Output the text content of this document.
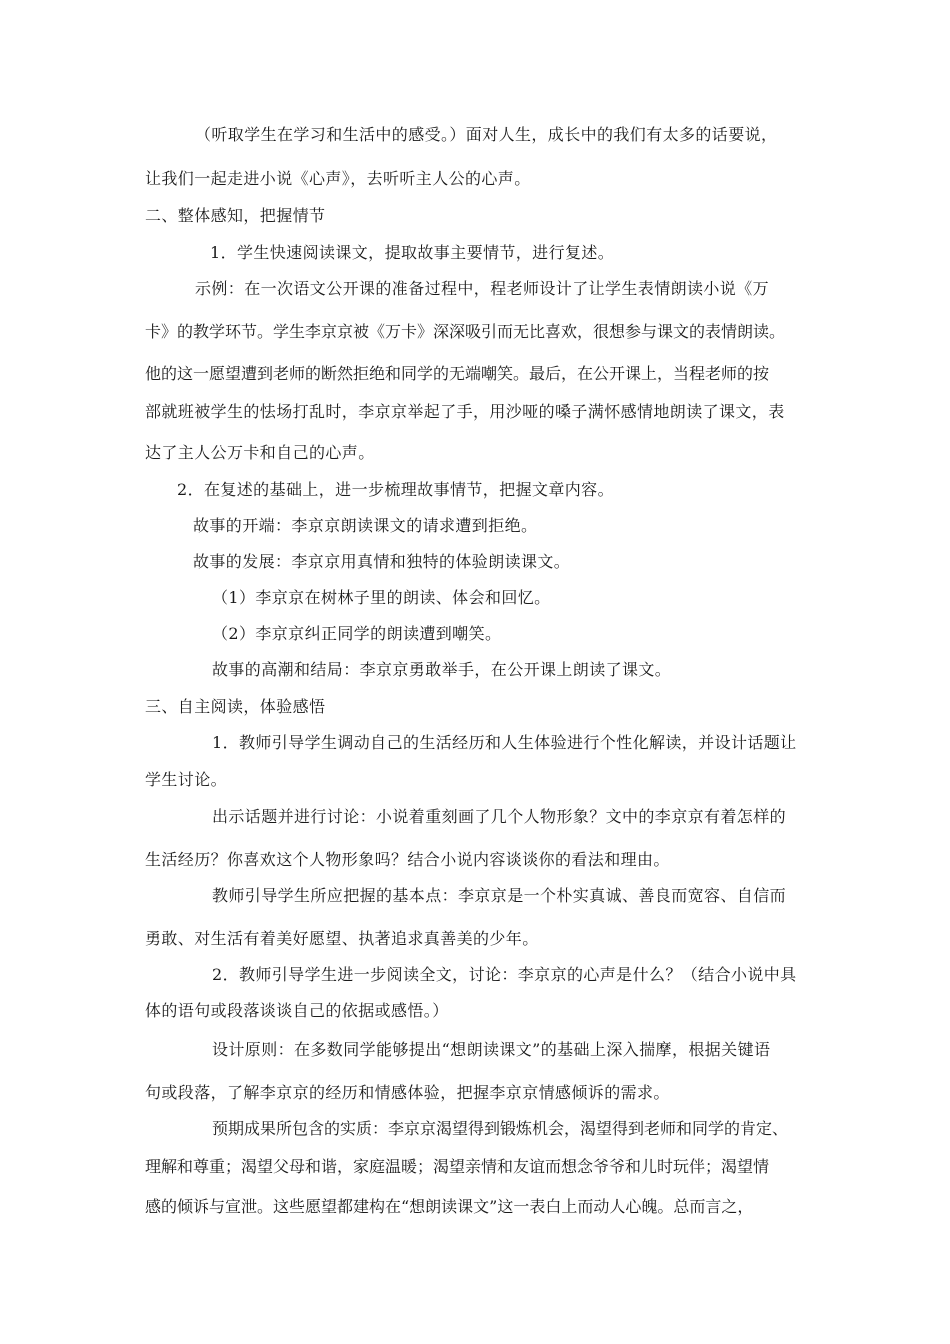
（听取学生在学习和生活中的感受。）面对人生，成长中的我们有太多的话要说，
让我们一起走进小说《心声》，去听听主人公的心声。
二、整体感知，把握情节
1．学生快速阅读课文，提取故事主要情节，进行复述。
示例：在一次语文公开课的准备过程中，程老师设计了让学生表情朗读小说《万
卡》的教学环节。学生李京京被《万卡》深深吸引而无比喜欢，很想参与课文的表情朗读。
他的这一愿望遭到老师的断然拒绝和同学的无端嘲笑。最后，在公开课上，当程老师的按
部就班被学生的怯场打乱时，李京京举起了手，用沙哑的嗓子满怀感情地朗读了课文，表
达了主人公万卡和自己的心声。
2．在复述的基础上，进一步梳理故事情节，把握文章内容。
故事的开端：李京京朗读课文的请求遭到拒绝。
故事的发展：李京京用真情和独特的体验朗读课文。
（1）李京京在树林子里的朗读、体会和回忆。
（2）李京京纠正同学的朗读遭到嘲笑。
故事的高潮和结局：李京京勇敢举手，在公开课上朗读了课文。
三、自主阅读，体验感悟
1．教师引导学生调动自己的生活经历和人生体验进行个性化解读，并设计话题让
学生讨论。
出示话题并进行讨论：小说着重刻画了几个人物形象？文中的李京京有着怎样的
生活经历？你喜欢这个人物形象吗？结合小说内容谈谈你的看法和理由。
教师引导学生所应把握的基本点：李京京是一个朴实真诚、善良而宽容、自信而
勇敢、对生活有着美好愿望、执著追求真善美的少年。
2．教师引导学生进一步阅读全文，讨论：李京京的心声是什么？（结合小说中具
体的语句或段落谈谈自己的依据或感悟。）
设计原则：在多数同学能够提出“想朗读课文”的基础上深入揣摩，根据关键语
句或段落，了解李京京的经历和情感体验，把握李京京情感倾诉的需求。
预期成果所包含的实质：李京京渴望得到锻炼机会，渴望得到老师和同学的肯定、
理解和尊重；渴望父母和谐，家庭温暖；渴望亲情和友谊而想念爷爷和儿时玩伴；渴望情
感的倾诉与宣泄。这些愿望都建构在“想朗读课文”这一表白上而动人心魄。总而言之，
